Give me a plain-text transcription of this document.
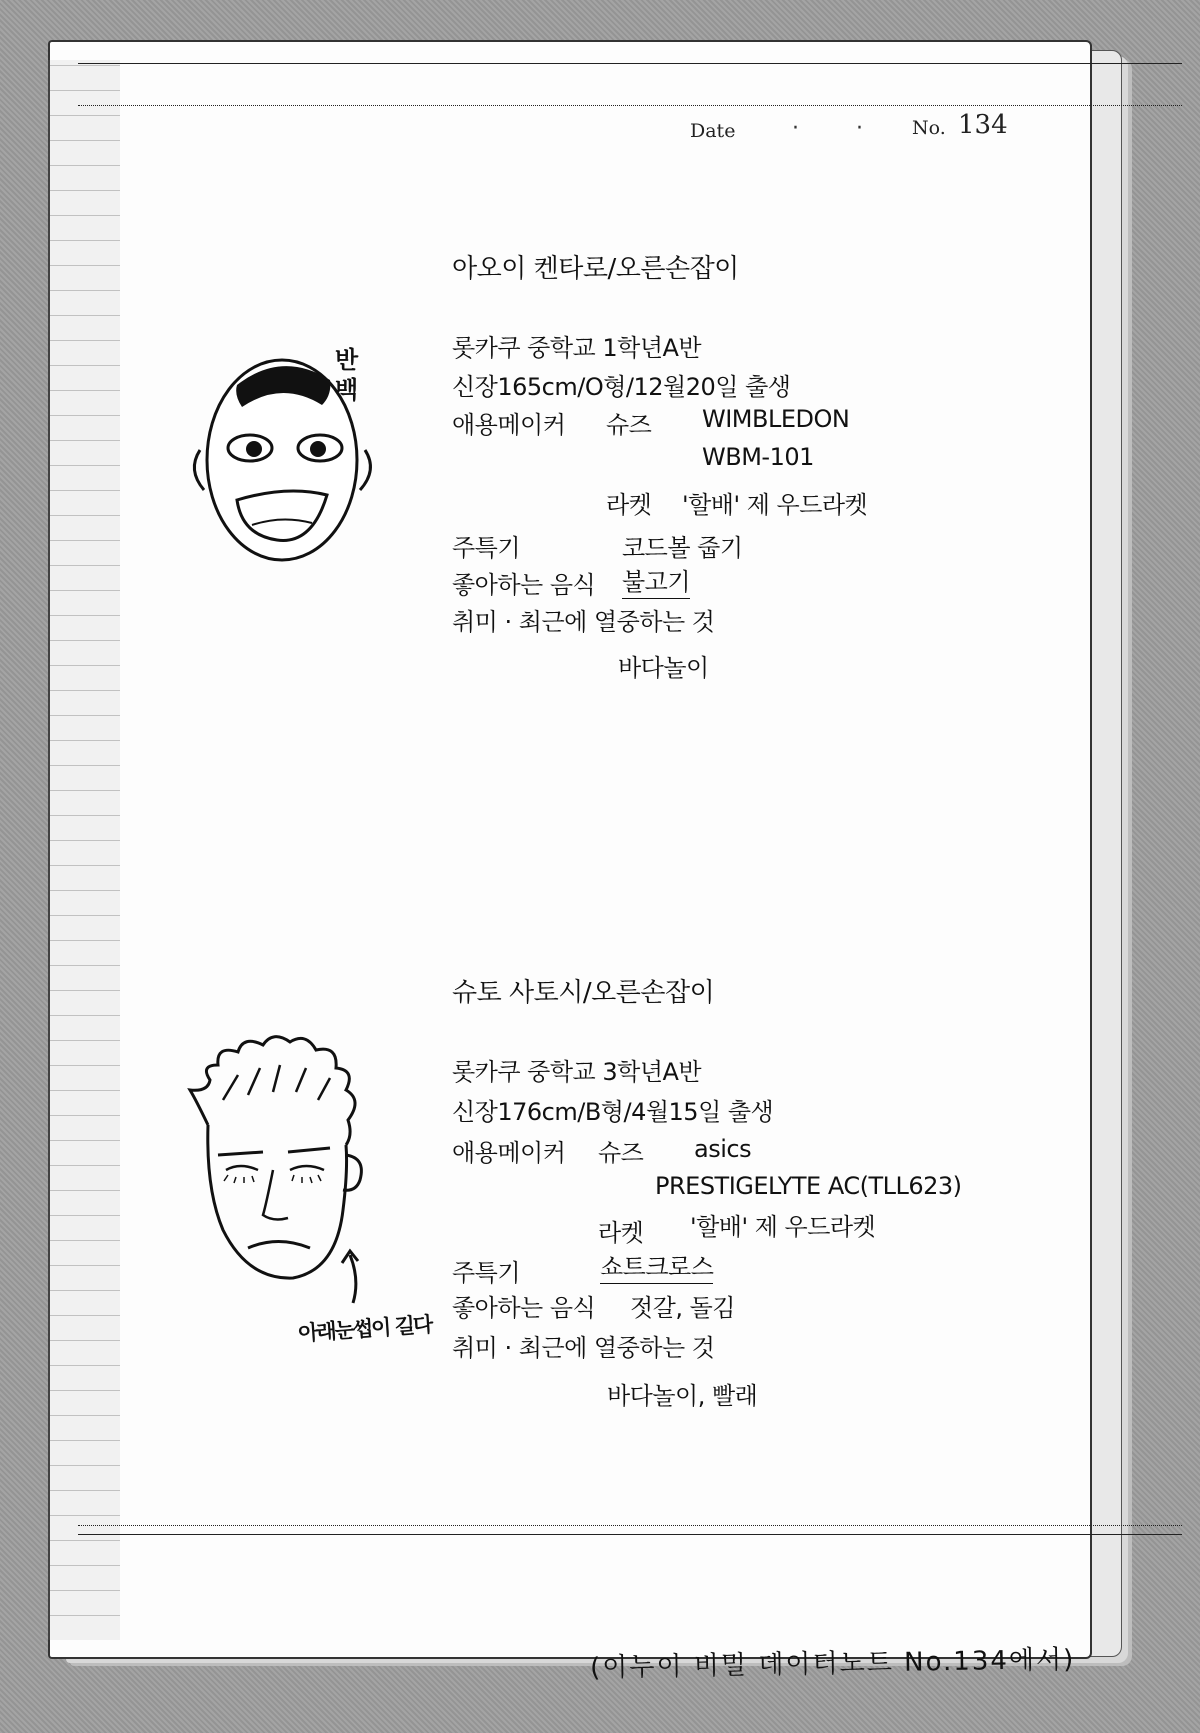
Date	·	·	No. 134
반백
아오이 켄타로/오른손잡이
롯카쿠 중학교 1학년A반
신장165cm/O형/12월20일 출생
애용메이커 슈즈 WIMBLEDON
WBM-101
라켓 '할배' 제 우드라켓
주특기	코드볼 줍기
좋아하는 음식 불고기
취미 · 최근에 열중하는 것
바다놀이
아래눈썹이 길다
슈토 사토시/오른손잡이
롯카쿠 중학교 3학년A반
신장176cm/B형/4월15일 출생
애용메이커 슈즈 asics
PRESTIGELYTE AC(TLL623)
라켓 '할배' 제 우드라켓
주특기	쇼트크로스
좋아하는 음식 젓갈, 돌김
취미 · 최근에 열중하는 것
바다놀이, 빨래
(이누이 비밀 데이터노트 No.134에서)
